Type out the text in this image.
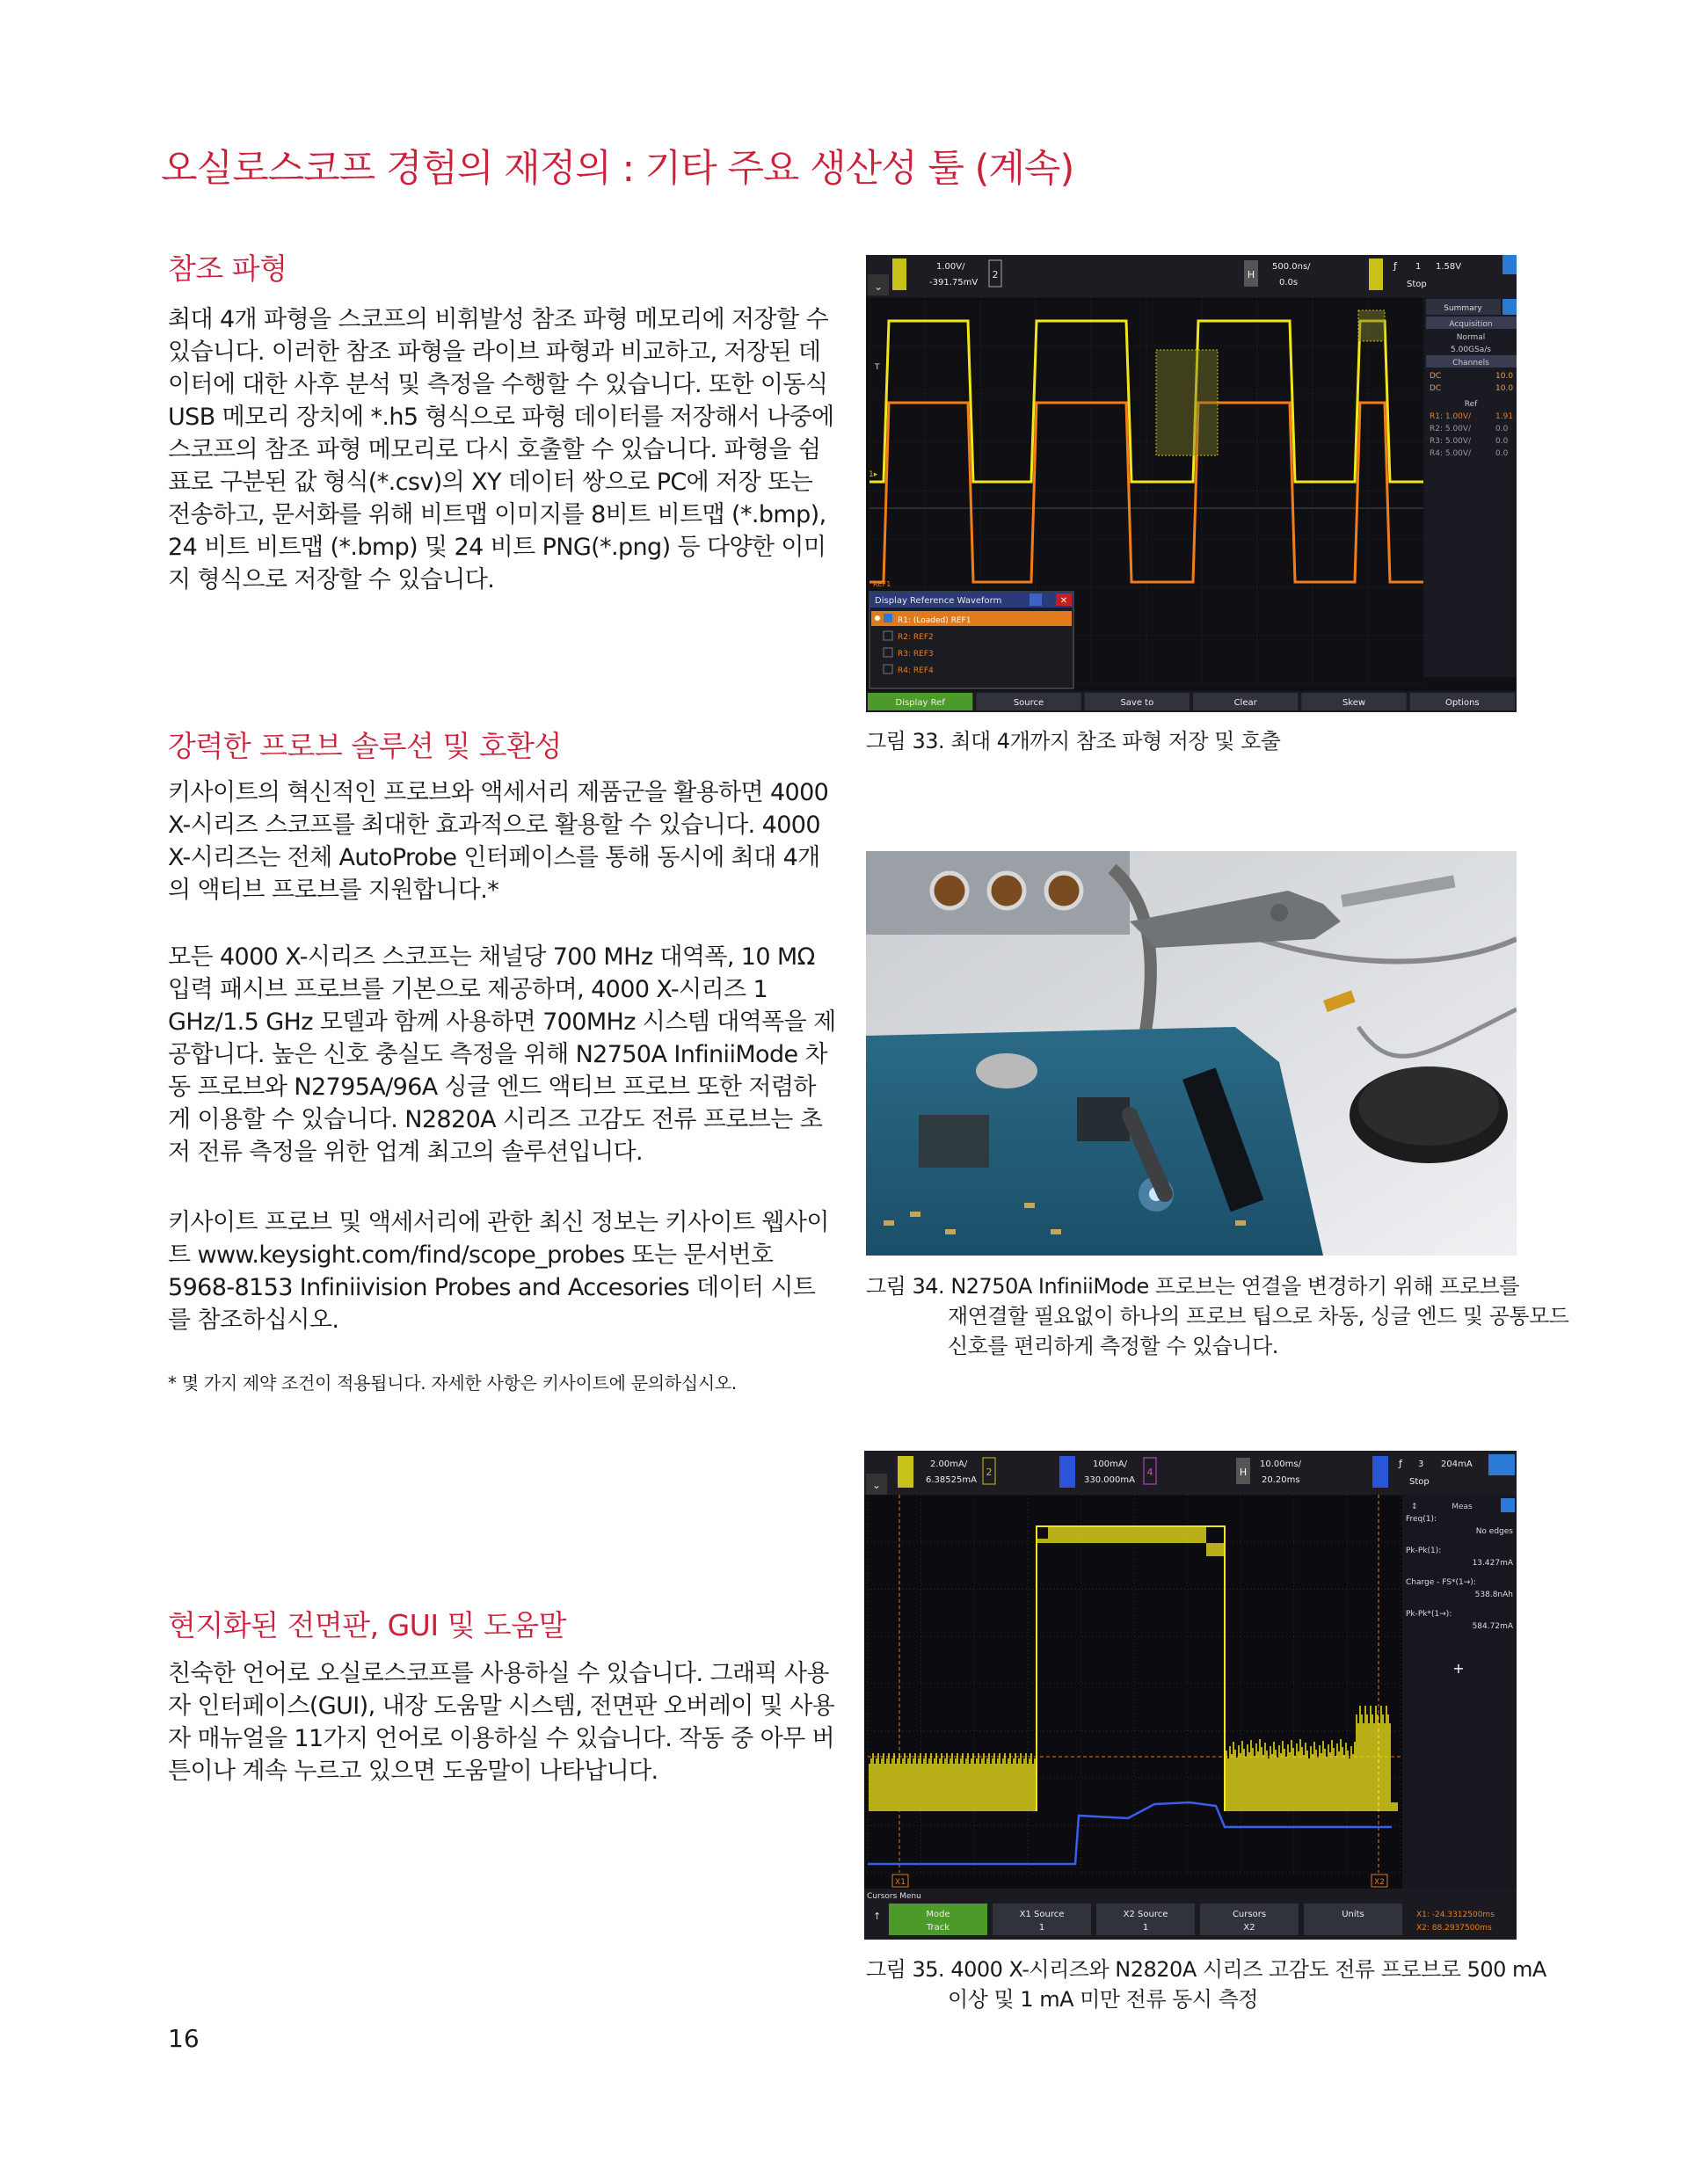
오실로스코프 경험의 재정의 : 기타 주요 생산성 툴 (계속)
참조 파형

최대 4개 파형을 스코프의 비휘발성 참조 파형 메모리에 저장할 수 있습니다. 이러한 참조 파형을 라이브 파형과 비교하고, 저장된 데이터에 대한 사후 분석 및 측정을 수행할 수 있습니다. 또한 이동식 USB 메모리 장치에 *.h5 형식으로 파형 데이터를 저장해서 나중에 스코프의 참조 파형 메모리로 다시 호출할 수 있습니다. 파형을 쉼표로 구분된 값 형식(*.csv)의 XY 데이터 쌍으로 PC에 저장 또는 전송하고, 문서화를 위해 비트맵 이미지를 8비트 비트맵 (*.bmp), 24 비트 비트맵 (*.bmp) 및 24 비트 PNG(*.png) 등 다양한 이미지 형식으로 저장할 수 있습니다.

강력한 프로브 솔루션 및 호환성

키사이트의 혁신적인 프로브와 액세서리 제품군을 활용하면 4000 X-시리즈 스코프를 최대한 효과적으로 활용할 수 있습니다. 4000 X-시리즈는 전체 AutoProbe 인터페이스를 통해 동시에 최대 4개의 액티브 프로브를 지원합니다.*

모든 4000 X-시리즈 스코프는 채널당 700 MHz 대역폭, 10 MΩ 입력 패시브 프로브를 기본으로 제공하며, 4000 X-시리즈 1 GHz/1.5 GHz 모델과 함께 사용하면 700MHz 시스템 대역폭을 제공합니다. 높은 신호 충실도 측정을 위해 N2750A InfiniiMode 차동 프로브와 N2795A/96A 싱글 엔드 액티브 프로브 또한 저렴하게 이용할 수 있습니다. N2820A 시리즈 고감도 전류 프로브는 초저 전류 측정을 위한 업계 최고의 솔루션입니다.

키사이트 프로브 및 액세서리에 관한 최신 정보는 키사이트 웹사이트 www.keysight.com/find/scope_probes 또는 문서번호 5968-8153 Infiniivision Probes and Accesories 데이터 시트를 참조하십시오.

* 몇 가지 제약 조건이 적용됩니다. 자세한 사항은 키사이트에 문의하십시오.
현지화된 전면판, GUI 및 도움말

친숙한 언어로 오실로스코프를 사용하실 수 있습니다. 그래픽 사용자 인터페이스(GUI), 내장 도움말 시스템, 전면판 오버레이 및 사용자 매뉴얼을 11가지 언어로 이용하실 수 있습니다. 작동 중 아무 버튼이나 계속 누르고 있으면 도움말이 나타납니다.

⌄
1.00V/
-391.75mV
2	H
500.0ns/
0.0s
ƒ 1 1.58V
Stop
T
1▸
REF1
Summary
Acquisition
Normal
5.00GSa/s
Channels
DC	10.0
DC	10.0
Ref
R1: 1.00V/	1.91
R2: 5.00V/	0.0
R3: 5.00V/	0.0
R4: 5.00V/	0.0
Display Reference Waveform	✕
R1: (Loaded) REF1
R2: REF2
R3: REF3
R4: REF4
Display Ref	Source	Save to	Clear	Skew	Options
그림 33. 최대 4개까지 참조 파형 저장 및 호출
그림 34. N2750A InfiniiMode 프로브는 연결을 변경하기 위해 프로브를
재연결할 필요없이 하나의 프로브 팁으로 차동, 싱글 엔드 및 공통모드
신호를 편리하게 측정할 수 있습니다.
⌄
2.00mA/
6.38525mA
2
100mA/
330.000mA
4	H
10.00ms/
20.20ms
ƒ 3 204mA
Stop
X1	X2
↕	Meas
Freq(1):
No edges
Pk-Pk(1):
13.427mA
Charge - FS*(1→):
538.8nAh
Pk-Pk*(1→):
584.72mA
+
Cursors Menu
↑	Mode
Track
X1 Source
1
X2 Source
1
Cursors
X2
Units	X1: -24.3312500ms
X2: 88.2937500ms
그림 35. 4000 X-시리즈와 N2820A 시리즈 고감도 전류 프로브로 500 mA
이상 및 1 mA 미만 전류 동시 측정
16
